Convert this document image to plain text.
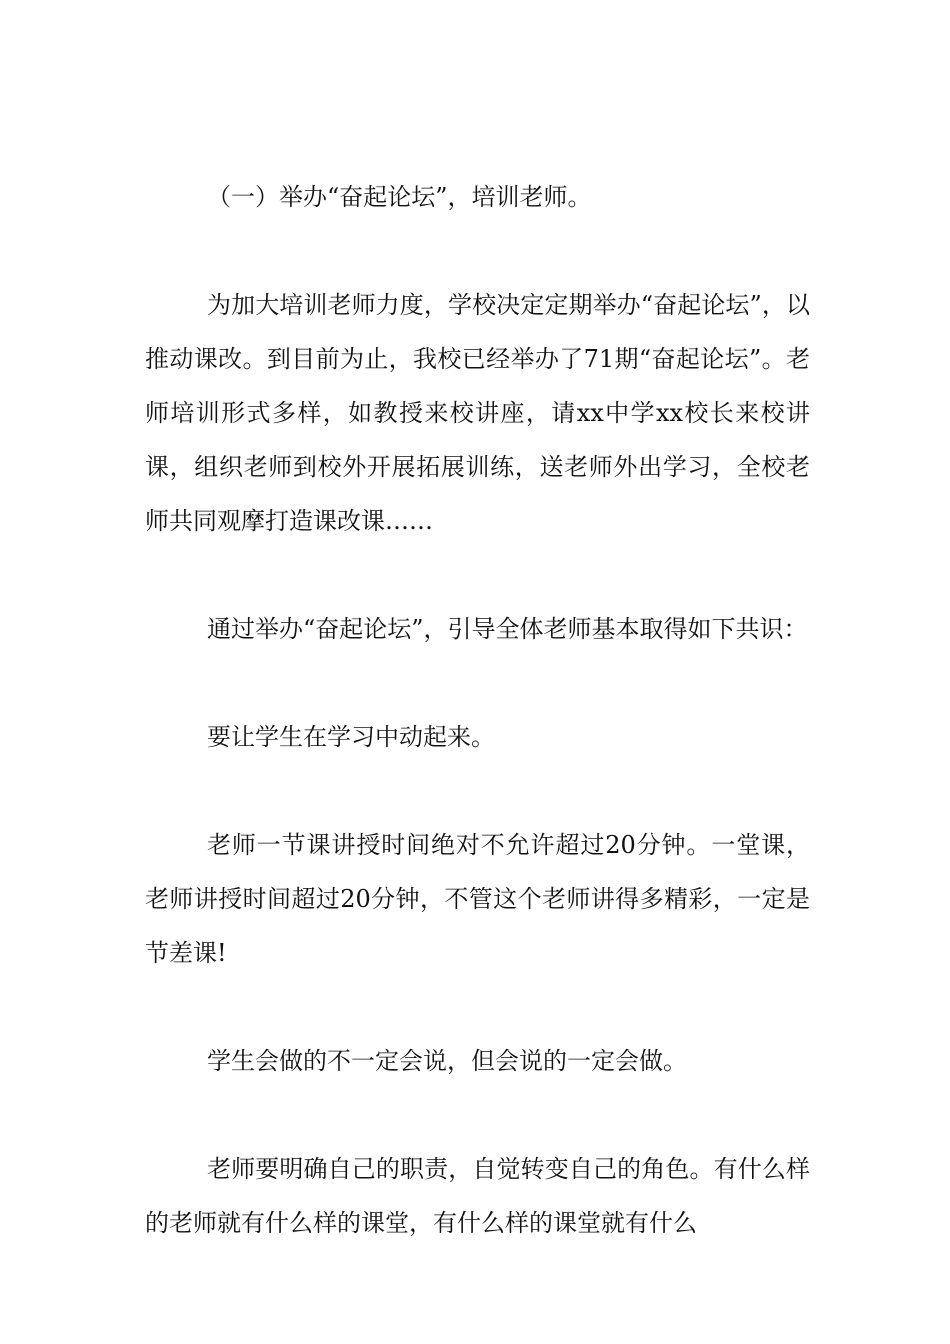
（一）举办“奋起论坛”，培训老师。

为加大培训老师力度，学校决定定期举办“奋起论坛”，以推动课改。到目前为止，我校已经举办了71期“奋起论坛”。老师培训形式多样，如教授来校讲座，请xx中学xx校长来校讲课，组织老师到校外开展拓展训练，送老师外出学习，全校老师共同观摩打造课改课……

通过举办“奋起论坛”，引导全体老师基本取得如下共识：

要让学生在学习中动起来。

老师一节课讲授时间绝对不允许超过20分钟。一堂课，老师讲授时间超过20分钟，不管这个老师讲得多精彩，一定是节差课!

学生会做的不一定会说，但会说的一定会做。

老师要明确自己的职责，自觉转变自己的角色。有什么样的老师就有什么样的课堂，有什么样的课堂就有什么
